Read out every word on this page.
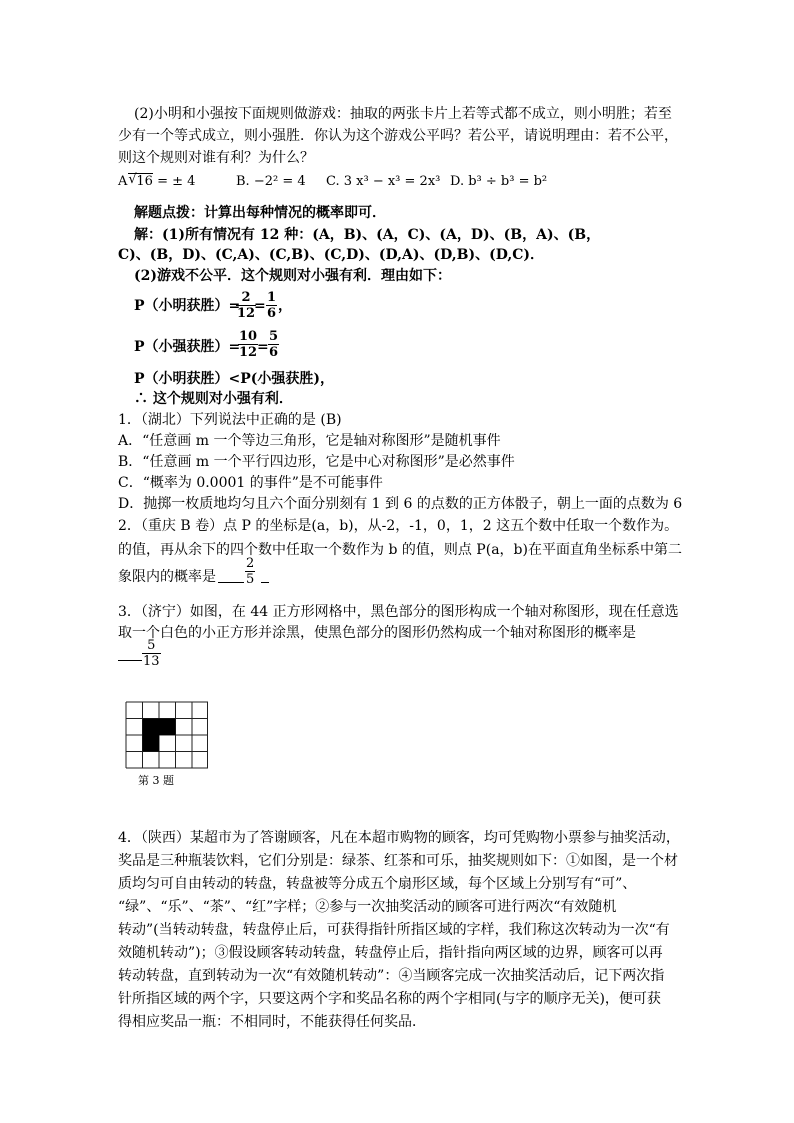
(2)小明和小强按下面规则做游戏：抽取的两张卡片上若等式都不成立，则小明胜；若至
少有一个等式成立，则小强胜．你认为这个游戏公平吗？若公平，请说明理由：若不公平，
则这个规则对谁有利？为什么？
A √ 16 = ± 4	B. −2² = 4 C. 3 x³ − x³ = 2x³ D. b³ ÷ b³ = b²
解题点拨：计算出每种情况的概率即可．
解：(1)所有情况有 12 种：(A，B)、(A，C)、(A，D)、(B，A)、(B，
C)、(B，D)、(C,A)、(C,B)、(C,D)、(D,A)、(D,B)、(D,C)．
(2)游戏不公平．这个规则对小强有利．理由如下：
P（小明获胜）=
$\frac{2}{12}$
= $\frac{1}{6}$ ，
P（小强获胜）=
$\frac{10}{12}$
= $\frac{5}{6}$
P（小明获胜）<P(小强获胜)，
∴ 这个规则对小强有利．
1．（湖北）下列说法中正确的是 (B)
A．“任意画 m 一个等边三角形，它是轴对称图形”是随机事件
B．“任意画 m 一个平行四边形，它是中心对称图形”是必然事件
C．“概率为 0.0001 的事件”是不可能事件
D．抛掷一枚质地均匀且六个面分别刻有 1 到 6 的点数的正方体骰子，朝上一面的点数为 6
2．（重庆 B 卷）点 P 的坐标是(a，b)，从-2，-1，0，1，2 这五个数中任取一个数作为。
的值，再从余下的四个数中任取一个数作为 b 的值，则点 P(a，b)在平面直角坐标系中第二
象限内的概率是 $\frac{2}{5}$
3．（济宁）如图，在 44 正方形网格中，黑色部分的图形构成一个轴对称图形，现在任意选
取一个白色的小正方形并涂黑，使黑色部分的图形仍然构成一个轴对称图形的概率是
$\frac{5}{13}$
第 3 题
4．（陕西）某超市为了答谢顾客，凡在本超市购物的顾客，均可凭购物小票参与抽奖活动，
奖品是三种瓶装饮料，它们分别是：绿茶、红茶和可乐，抽奖规则如下：①如图，是一个材
质均匀可自由转动的转盘，转盘被等分成五个扇形区域，每个区域上分别写有“可”、
“绿”、“乐”、“茶”、“红”字样；②参与一次抽奖活动的顾客可进行两次“有效随机
转动”(当转动转盘，转盘停止后，可获得指针所指区域的字样，我们称这次转动为一次“有
效随机转动”)；③假设顾客转动转盘，转盘停止后，指针指向两区域的边界，顾客可以再
转动转盘，直到转动为一次“有效随机转动”：④当顾客完成一次抽奖活动后，记下两次指
针所指区域的两个字，只要这两个字和奖品名称的两个字相同(与字的顺序无关)，便可获
得相应奖品一瓶：不相同时，不能获得任何奖品．
